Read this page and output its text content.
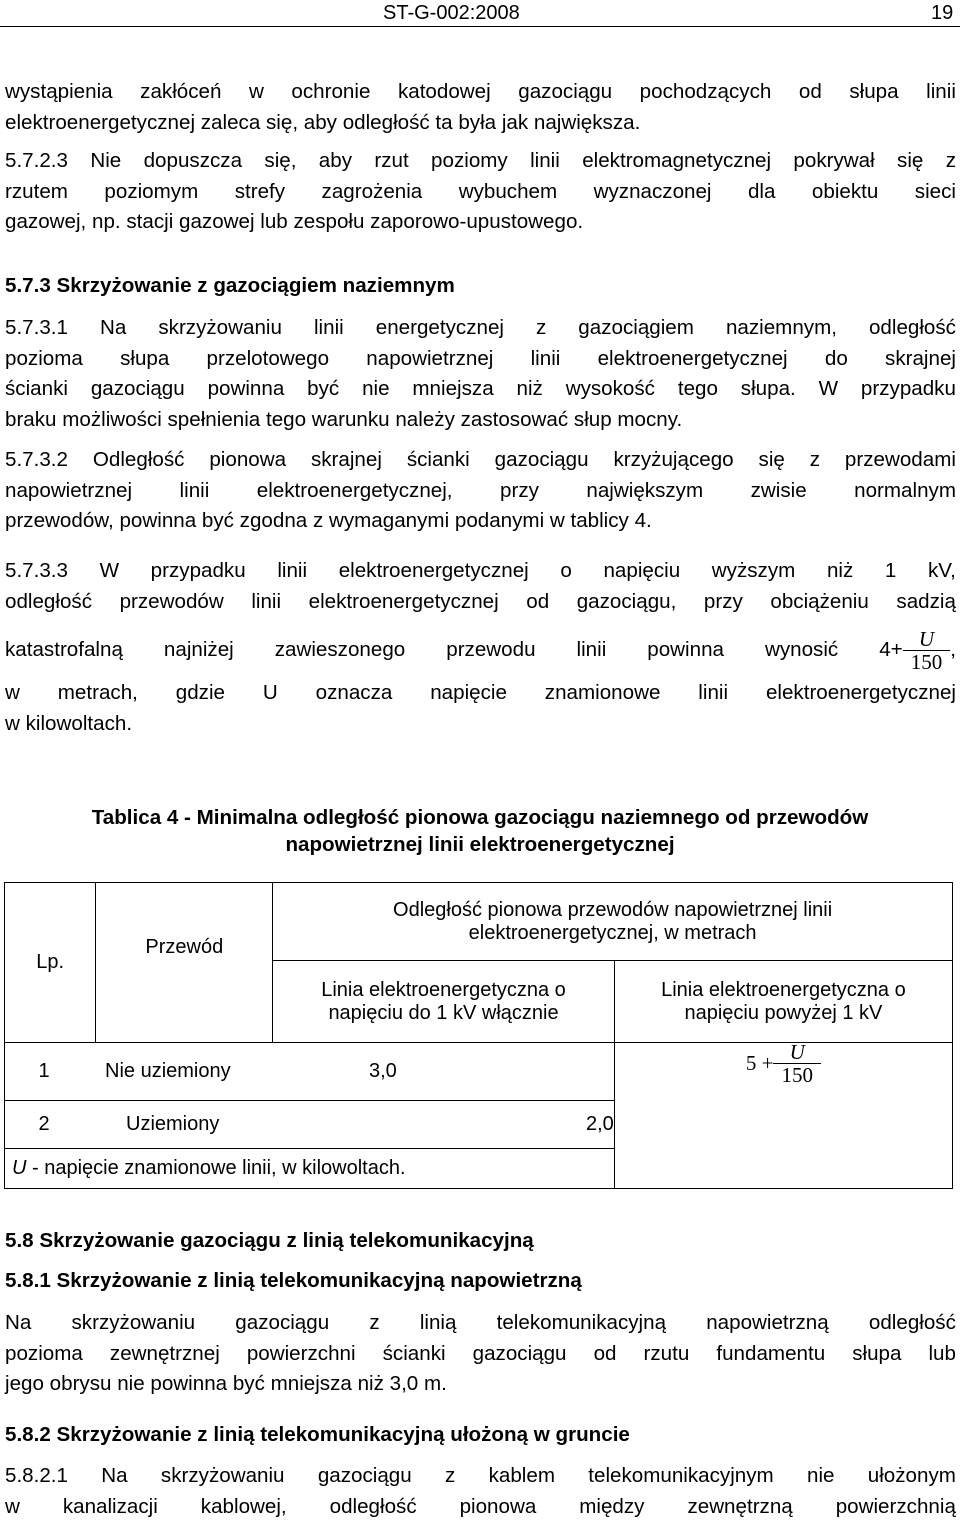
ST-G-002:2008	19
wystąpienia zakłóceń w ochronie katodowej gazociągu pochodzących od słupa linii
elektroenergetycznej zaleca się, aby odległość ta była jak największa.
5.7.2.3 Nie dopuszcza się, aby rzut poziomy linii elektromagnetycznej pokrywał się z
rzutem poziomym strefy zagrożenia wybuchem wyznaczonej dla obiektu sieci
gazowej, np. stacji gazowej lub zespołu zaporowo-upustowego.
5.7.3 Skrzyżowanie z gazociągiem naziemnym
5.7.3.1 Na skrzyżowaniu linii energetycznej z gazociągiem naziemnym, odległość
pozioma słupa przelotowego napowietrznej linii elektroenergetycznej do skrajnej
ścianki gazociągu powinna być nie mniejsza niż wysokość tego słupa. W przypadku
braku możliwości spełnienia tego warunku należy zastosować słup mocny.
5.7.3.2 Odległość pionowa skrajnej ścianki gazociągu krzyżującego się z przewodami
napowietrznej linii elektroenergetycznej, przy największym zwisie normalnym
przewodów, powinna być zgodna z wymaganymi podanymi w tablicy 4.
5.7.3.3 W przypadku linii elektroenergetycznej o napięciu wyższym niż 1 kV,
odległość przewodów linii elektroenergetycznej od gazociągu, przy obciążeniu sadzią
katastrofalną najniżej zawieszonego przewodu linii powinna wynosić $4+ \frac{U}{150}$ ,
w metrach, gdzie U oznacza napięcie znamionowe linii elektroenergetycznej
w kilowoltach.
Tablica 4 - Minimalna odległość pionowa gazociągu naziemnego od przewodów
napowietrznej linii elektroenergetycznej
Lp.	Przewód	Odległość pionowa przewodów napowietrznej linii elektroenergetycznej, w metrach	
		Linia elektroenergetyczna o napięciu do 1 kV włącznie	Linia elektroenergetyczna o napięciu powyżej 1 kV

1 Nie uziemiony 3,0			$5 + \frac{U}{150}$

2 Uziemiony 2,0			

U - napięcie znamionowe linii, w kilowoltach.			
5.8 Skrzyżowanie gazociągu z linią telekomunikacyjną
5.8.1 Skrzyżowanie z linią telekomunikacyjną napowietrzną
Na skrzyżowaniu gazociągu z linią telekomunikacyjną napowietrzną odległość
pozioma zewnętrznej powierzchni ścianki gazociągu od rzutu fundamentu słupa lub
jego obrysu nie powinna być mniejsza niż 3,0 m.
5.8.2 Skrzyżowanie z linią telekomunikacyjną ułożoną w gruncie
5.8.2.1 Na skrzyżowaniu gazociągu z kablem telekomunikacyjnym nie ułożonym
w kanalizacji kablowej, odległość pionowa między zewnętrzną powierzchnią
